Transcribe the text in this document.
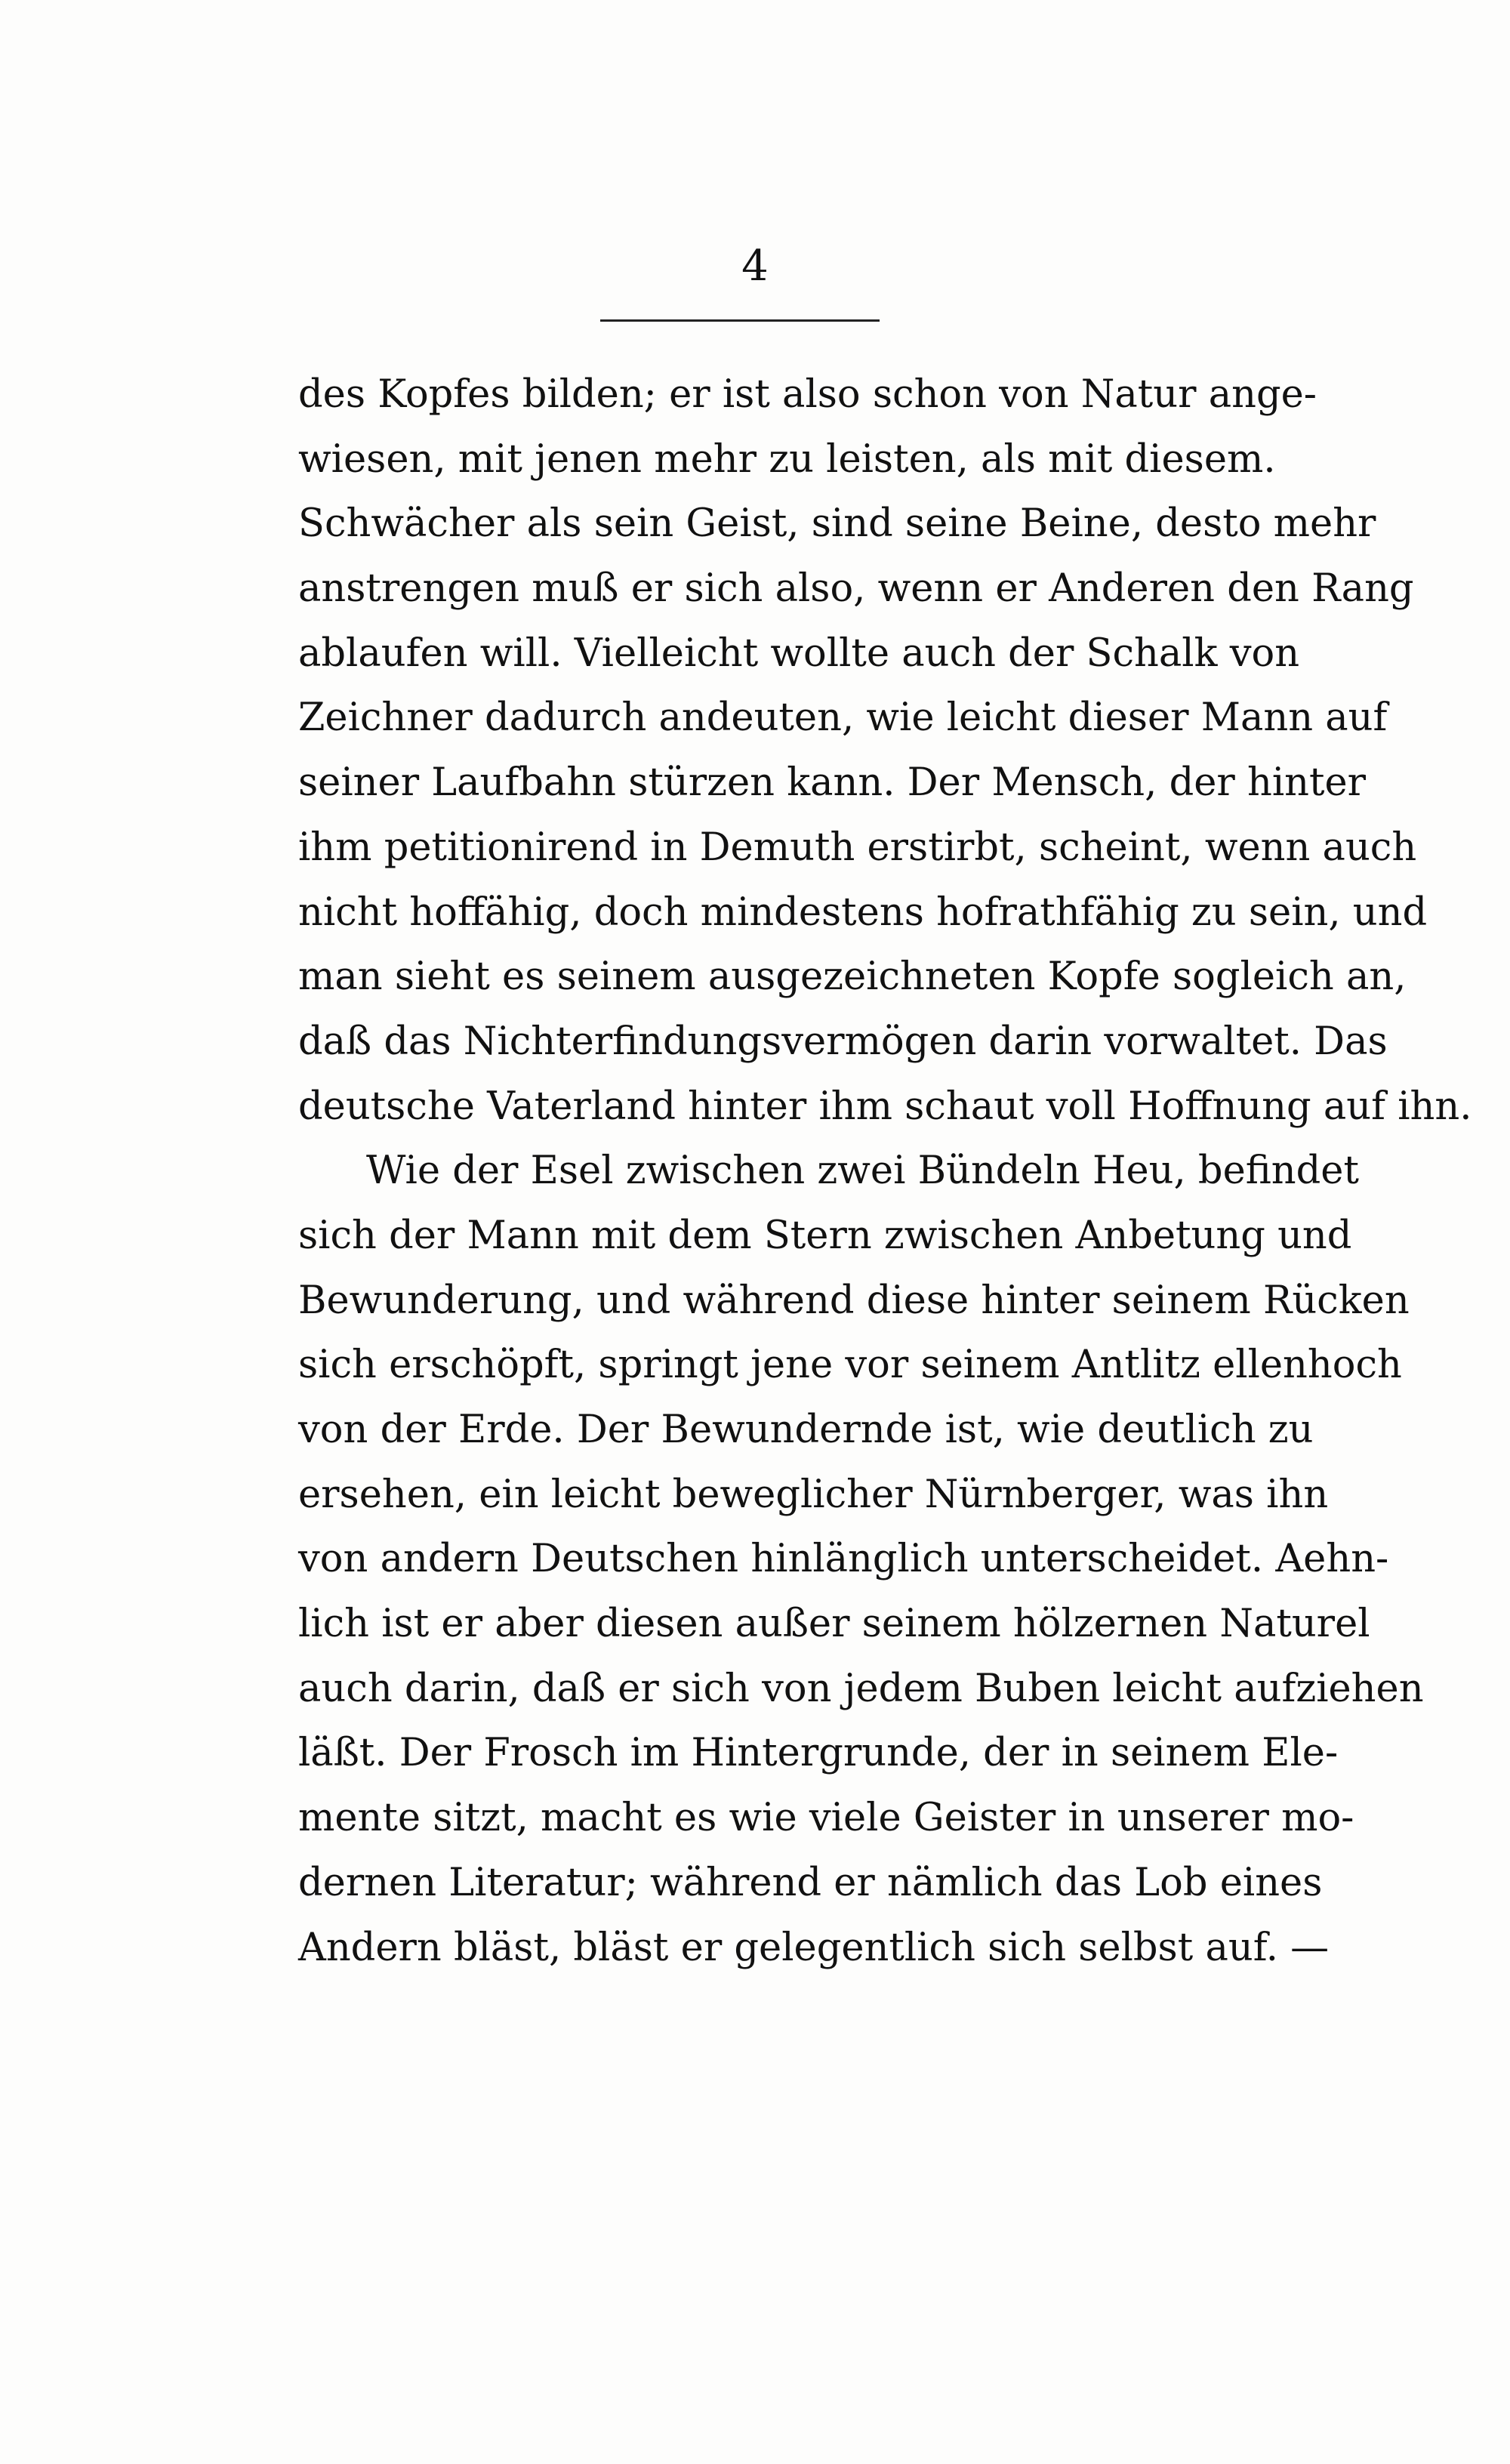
4
des Kopfes bilden; er ist also schon von Natur ange-
wiesen, mit jenen mehr zu leisten, als mit diesem.
Schwächer als sein Geist, sind seine Beine, desto mehr
anstrengen muß er sich also, wenn er Anderen den Rang
ablaufen will. Vielleicht wollte auch der Schalk von
Zeichner dadurch andeuten, wie leicht dieser Mann auf
seiner Laufbahn stürzen kann. Der Mensch, der hinter
ihm petitionirend in Demuth erstirbt, scheint, wenn auch
nicht hoffähig, doch mindestens hofrathfähig zu sein, und
man sieht es seinem ausgezeichneten Kopfe sogleich an,
daß das Nichterfindungsvermögen darin vorwaltet. Das
deutsche Vaterland hinter ihm schaut voll Hoffnung auf ihn.
Wie der Esel zwischen zwei Bündeln Heu, befindet
sich der Mann mit dem Stern zwischen Anbetung und
Bewunderung, und während diese hinter seinem Rücken
sich erschöpft, springt jene vor seinem Antlitz ellenhoch
von der Erde. Der Bewundernde ist, wie deutlich zu
ersehen, ein leicht beweglicher Nürnberger, was ihn
von andern Deutschen hinlänglich unterscheidet. Aehn-
lich ist er aber diesen außer seinem hölzernen Naturel
auch darin, daß er sich von jedem Buben leicht aufziehen
läßt. Der Frosch im Hintergrunde, der in seinem Ele-
mente sitzt, macht es wie viele Geister in unserer mo-
dernen Literatur; während er nämlich das Lob eines
Andern bläst, bläst er gelegentlich sich selbst auf. —
